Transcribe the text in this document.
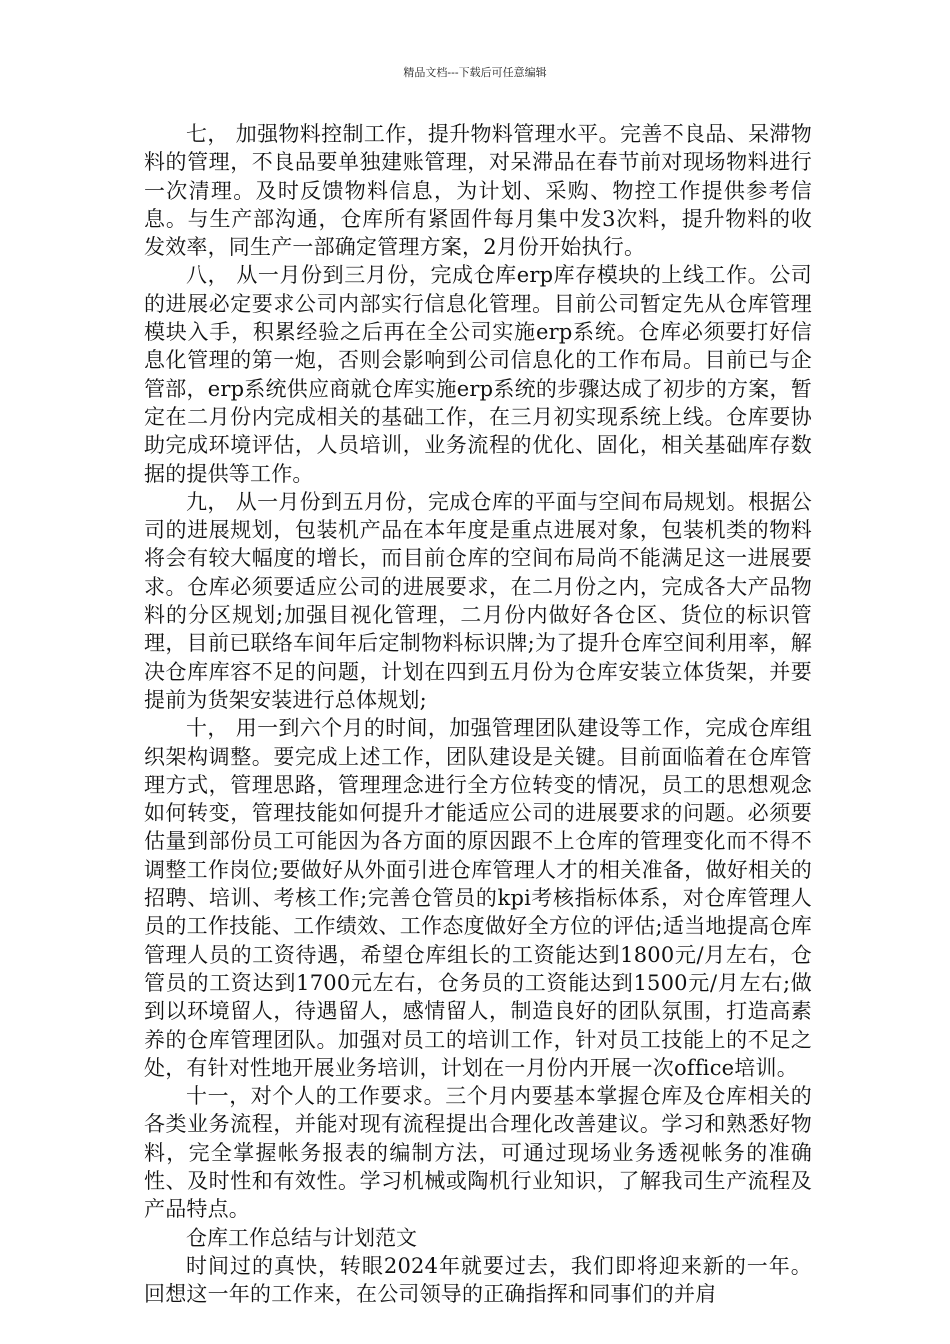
精品文档---下载后可任意编辑

七， 加强物料控制工作，提升物料管理水平。完善不良品、呆滞物料的管理，不良品要单独建账管理，对呆滞品在春节前对现场物料进行一次清理。及时反馈物料信息，为计划、采购、物控工作提供参考信息。与生产部沟通，仓库所有紧固件每月集中发3次料，提升物料的收发效率，同生产一部确定管理方案，2月份开始执行。

八， 从一月份到三月份，完成仓库erp库存模块的上线工作。公司的进展必定要求公司内部实行信息化管理。目前公司暂定先从仓库管理模块入手，积累经验之后再在全公司实施erp系统。仓库必须要打好信息化管理的第一炮，否则会影响到公司信息化的工作布局。目前已与企管部，erp系统供应商就仓库实施erp系统的步骤达成了初步的方案，暂定在二月份内完成相关的基础工作，在三月初实现系统上线。仓库要协助完成环境评估，人员培训，业务流程的优化、固化，相关基础库存数据的提供等工作。

九， 从一月份到五月份，完成仓库的平面与空间布局规划。根据公司的进展规划，包装机产品在本年度是重点进展对象，包装机类的物料将会有较大幅度的增长，而目前仓库的空间布局尚不能满足这一进展要求。仓库必须要适应公司的进展要求，在二月份之内，完成各大产品物料的分区规划;加强目视化管理，二月份内做好各仓区、货位的标识管理，目前已联络车间年后定制物料标识牌;为了提升仓库空间利用率，解决仓库库容不足的问题，计划在四到五月份为仓库安装立体货架，并要提前为货架安装进行总体规划;

十， 用一到六个月的时间，加强管理团队建设等工作，完成仓库组织架构调整。要完成上述工作，团队建设是关键。目前面临着在仓库管理方式，管理思路，管理理念进行全方位转变的情况，员工的思想观念如何转变，管理技能如何提升才能适应公司的进展要求的问题。必须要估量到部份员工可能因为各方面的原因跟不上仓库的管理变化而不得不调整工作岗位;要做好从外面引进仓库管理人才的相关准备，做好相关的招聘、培训、考核工作;完善仓管员的kpi考核指标体系，对仓库管理人员的工作技能、工作绩效、工作态度做好全方位的评估;适当地提高仓库管理人员的工资待遇，希望仓库组长的工资能达到1800元/月左右，仓管员的工资达到1700元左右，仓务员的工资能达到1500元/月左右;做到以环境留人，待遇留人，感情留人，制造良好的团队氛围，打造高素养的仓库管理团队。加强对员工的培训工作，针对员工技能上的不足之处，有针对性地开展业务培训，计划在一月份内开展一次office培训。

十一，对个人的工作要求。三个月内要基本掌握仓库及仓库相关的各类业务流程，并能对现有流程提出合理化改善建议。学习和熟悉好物料，完全掌握帐务报表的编制方法，可通过现场业务透视帐务的准确性、及时性和有效性。学习机械或陶机行业知识，了解我司生产流程及产品特点。

仓库工作总结与计划范文

时间过的真快，转眼2024年就要过去，我们即将迎来新的一年。回想这一年的工作来，在公司领导的正确指挥和同事们的并肩
